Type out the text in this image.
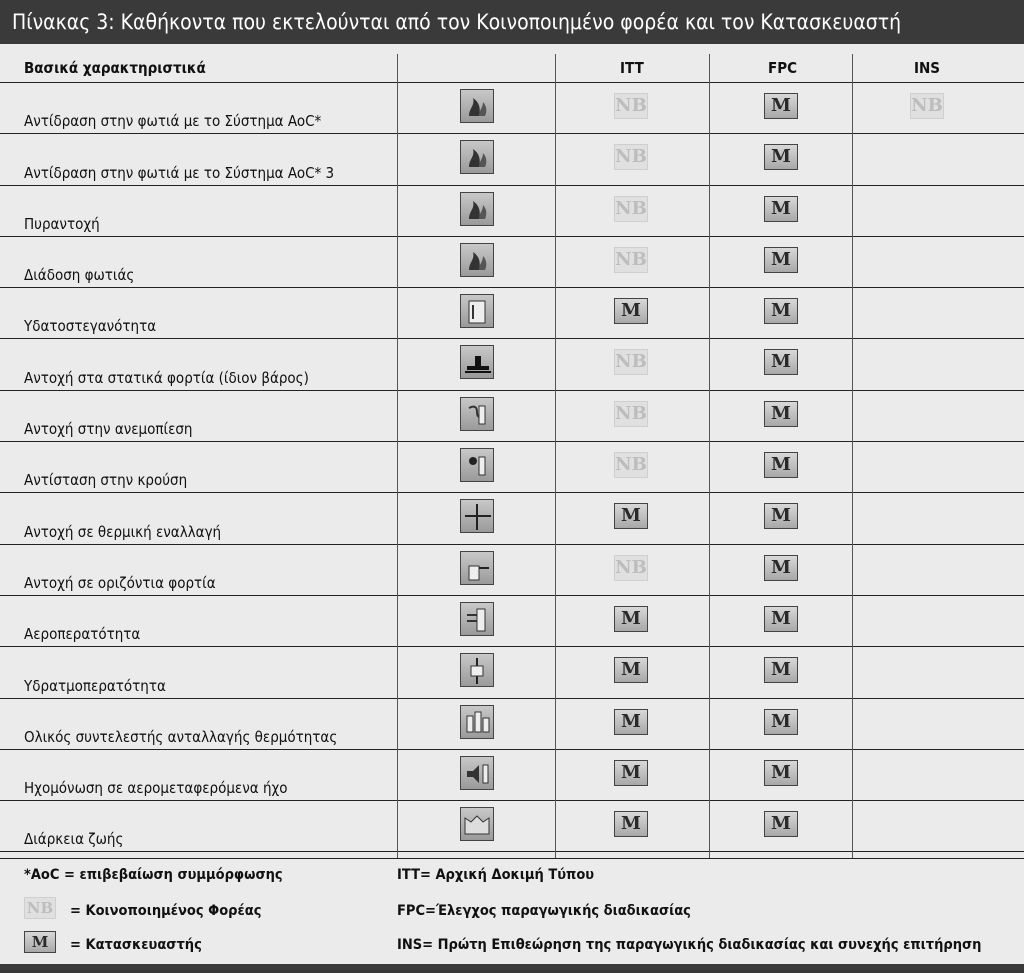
Πίνακας 3: Καθήκοντα που εκτελούνται από τον Κοινοποιημένο φορέα και τον Κατασκευαστή
Βασικά χαρακτηριστικά	ITT	FPC	INS
Αντίδραση στην φωτιά με το Σύστημα AoC*
NB	M	NB
Αντίδραση στην φωτιά με το Σύστημα AoC* 3
NB	M
Πυραντοχή
NB	M
Διάδοση φωτιάς
NB	M
Υδατοστεγανότητα
M	M
Αντοχή στα στατικά φορτία (ίδιον βάρος)
NB	M
Αντοχή στην ανεμοπίεση
NB	M
Αντίσταση στην κρούση
NB	M
Αντοχή σε θερμική εναλλαγή
M	M
Αντοχή σε οριζόντια φορτία
NB	M
Αεροπερατότητα
M	M
Υδρατμοπερατότητα
M	M
Ολικός συντελεστής ανταλλαγής θερμότητας
M	M
Ηχομόνωση σε αερομεταφερόμενα ήχο
M	M
Διάρκεια ζωής
M	M
*AoC = επιβεβαίωση συμμόρφωσης
NB = Κοινοποιημένος Φορέας
M	= Κατασκευαστής
ITT= Αρχική Δοκιμή Τύπου
FPC=Έλεγχος παραγωγικής διαδικασίας
INS= Πρώτη Επιθεώρηση της παραγωγικής διαδικασίας και συνεχής επιτήρηση
